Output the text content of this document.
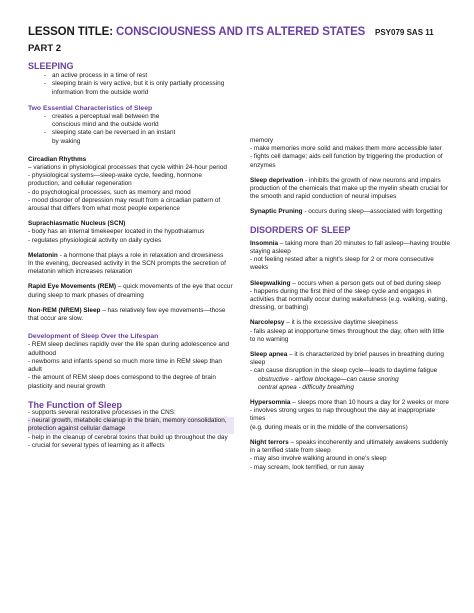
LESSON TITLE: CONSCIOUSNESS AND ITS ALTERED STATES PSY079 SAS 11
PART 2

SLEEPING

- an active process in a time of rest
- sleeping brain is very active, but it is only partially processing information from the outside world

Two Essential Characteristics of Sleep

- creates a perceptual wall between the conscious mind and the outside world
- sleeping state can be reversed in an instant by waking

Circadian Rhythms

– variations in physiological processes that cycle within 24-hour period

- physiological systems—sleep-wake cycle, feeding, hormone production, and cellular regeneration

- do psychological processes, such as memory and mood

- mood disorder of depression may result from a circadian pattern of arousal that differs from what most people experience

Suprachiasmatic Nucleus (SCN)

- body has an internal timekeeper located in the hypothalamus

- regulates physiological activity on daily cycles

Melatonin - a hormone that plays a role in relaxation and drowsiness

In the evening, decreased activity in the SCN prompts the secretion of melatonin which increases relaxation

Rapid Eye Movements (REM) – quick movements of the eye that occur during sleep to mark phases of dreaming

Non-REM (NREM) Sleep – has relatively few eye movements—those that occur are slow.

Development of Sleep Over the Lifespan

- REM sleep declines rapidly over the life span during adolescence and adulthood

- newborns and infants spend so much more time in REM sleep than adult

- the amount of REM sleep does correspond to the degree of brain plasticity and neural growth

The Function of Sleep

- supports several restorative processes in the CNS:

- neural growth, metabolic cleanup in the brain, memory consolidation, protection against cellular damage

- help in the cleanup of cerebral toxins that build up throughout the day

- crucial for several types of learning as it affects

memory

- make memories more solid and makes them more accessible later

- fights cell damage; aids cell function by triggering the production of enzymes

Sleep deprivation - inhibits the growth of new neurons and impairs production of the chemicals that make up the myelin sheath crucial for the smooth and rapid conduction of neural impulses

Synaptic Pruning - occurs during sleep—associated with forgetting

DISORDERS OF SLEEP

Insomnia – taking more than 20 minutes to fall asleep—having trouble staying asleep

- not feeling rested after a night's sleep for 2 or more consecutive weeks

Sleepwalking – occurs when a person gets out of bed during sleep

- happens during the first third of the sleep cycle and engages in activities that normally occur during wakefulness (e.g. walking, eating, dressing, or bathing)

Narcolepsy – it is the excessive daytime sleepiness

- falls asleep at inopportune times throughout the day, often with little to no warning

Sleep apnea – it is characterized by brief pauses in breathing during sleep

- can cause disruption in the sleep cycle—leads to daytime fatigue

obstructive - airflow blockage—can cause snoring

central apnea - difficulty breathing

Hypersomnia – sleeps more than 10 hours a day for 2 weeks or more

- involves strong urges to nap throughout the day at inappropriate times

(e.g. during meals or in the middle of the conversations)

Night terrors – speaks incoherently and ultimately awakens suddenly in a terrified state from sleep

- may also involve walking around in one's sleep

- may scream, look terrified, or run away
